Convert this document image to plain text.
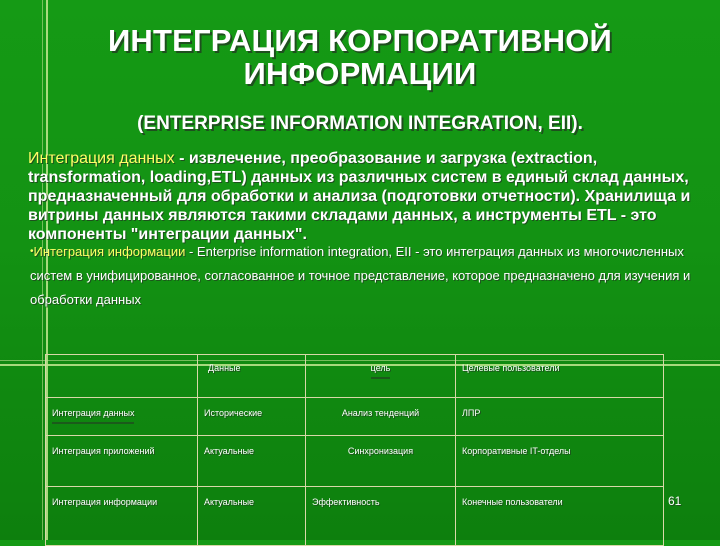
ИНТЕГРАЦИЯ КОРПОРАТИВНОЙ
ИНФОРМАЦИИ
(ENTERPRISE INFORMATION INTEGRATION, EII).
Интеграция данных - извлечение, преобразование и загрузка (extraction, transformation, loading,ETL) данных из различных систем в единый склад данных, предназначенный для обработки и анализа (подготовки отчетности). Хранилища и витрины данных являются такими складами данных, а инструменты ETL - это компоненты "интеграции данных".
•Интеграция информации - Enterprise information integration, EII - это интеграция данных из многочисленных систем в унифицированное, согласованное и точное представление, которое предназначено для изучения и обработки данных
	Данные	цель	Целевые пользователи
Интеграция данных	Исторические	Анализ тенденций	ЛПР
Интеграция приложений	Актуальные	Синхронизация	Корпоративные IT-отделы
Интеграция информации	Актуальные	Эффективность	Конечные пользователи	61
